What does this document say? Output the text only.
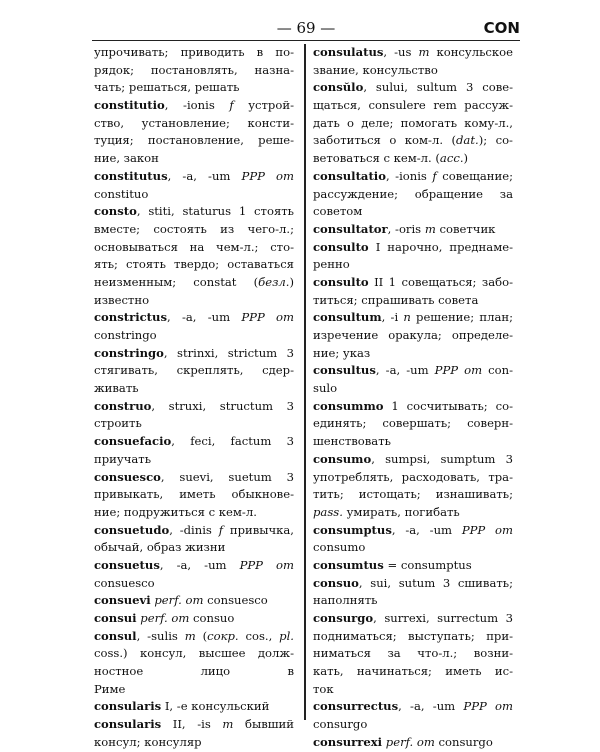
— 69 —	CON
упрочивать; приводить в по-
рядок; постановлять, назна-
чать; решаться, решать
constitutio, -ionis f устрой-
ство, установление; консти-
туция; постановление, реше-
ние, закон
constitutus, -a, -um PPP от
constituo
consto, stiti, staturus 1 стоять
вместе; состоять из чего-л.;
основываться на чем-л.; сто-
ять; стоять твердо; оставаться
неизменным; constat (безл.)
известно
constrictus, -a, -um PPP от
constringo
constringo, strinxi, strictum 3
стягивать, скреплять, сдер-
живать
construo, struxi, structum 3
строить
consuefacio, feci, factum 3
приучать
consuesco, suevi, suetum 3
привыкать, иметь обыкнове-
ние; подружиться с кем-л.
consuetudo, -dinis f привычка,
обычай, образ жизни
consuetus, -a, -um PPP от
consuesco
consuevi perf. от consuesco
consui perf. от consuo
consul, -sulis m (сокр. cos., pl.
coss.) консул, высшее долж-
ностное лицо в
Риме
consularis I, -e консульский
consularis II, -is m бывший
консул; консуляр
consulatus, -us m консульское
звание, консульство
consŭlo, sului, sultum 3 сове-
щаться, consulere rem рассуж-
дать о деле; помогать кому-л.,
заботиться о ком-л. (dat.); со-
ветоваться с кем-л. (acc.)
consultatio, -ionis f совещание;
рассуждение; обращение за
советом
consultator, -oris m советчик
consulto I нарочно, преднаме-
ренно
consulto II 1 совещаться; забо-
титься; спрашивать совета
consultum, -i n решение; план;
изречение оракула; определе-
ние; указ
consultus, -a, -um PPP от con-
sulo
consummo 1 сосчитывать; со-
единять; совершать; соверн-
шенствовать
consumo, sumpsi, sumptum 3
употреблять, расходовать, тра-
тить; истощать; изнашивать;
pass. умирать, погибать
consumptus, -a, -um PPP от
consumo
consumtus = consumptus
consuo, sui, sutum 3 сшивать;
наполнять
consurgo, surrexi, surrectum 3
подниматься; выступать; при-
ниматься за что-л.; возни-
кать, начинаться; иметь ис-
ток
consurrectus, -a, -um PPP от
consurgo
consurrexi perf. от consurgo
